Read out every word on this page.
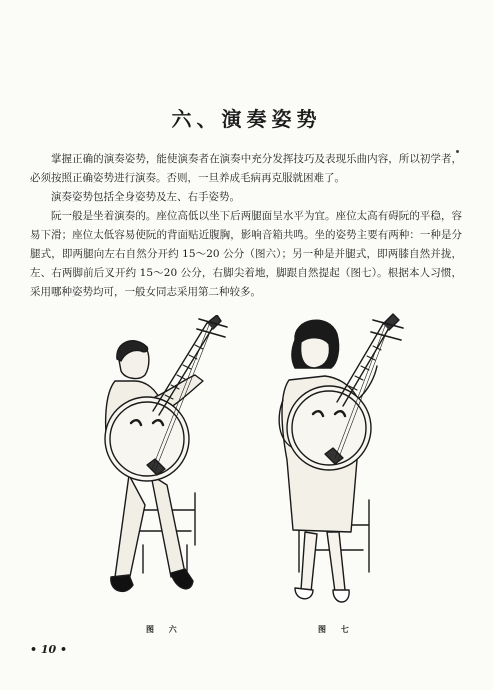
六、演奏姿势

掌握正确的演奏姿势，能使演奏者在演奏中充分发挥技巧及表现乐曲内容，所以初学者，必须按照正确姿势进行演奏。否则，一旦养成毛病再克服就困难了。

演奏姿势包括全身姿势及左、右手姿势。

阮一般是坐着演奏的。座位高低以坐下后两腿面呈水平为宜。座位太高有碍阮的平稳，容易下滑；座位太低容易使阮的背面贴近腹胸，影响音箱共鸣。坐的姿势主要有两种：一种是分腿式，即两腿向左右自然分开约 15～20 公分（图六）；另一种是并腿式，即两膝自然并拢，左、右两脚前后叉开约 15～20 公分，右脚尖着地，脚跟自然提起（图七）。根据本人习惯，采用哪种姿势均可，一般女同志采用第二种较多。

图 六	图 七
• 10 •
